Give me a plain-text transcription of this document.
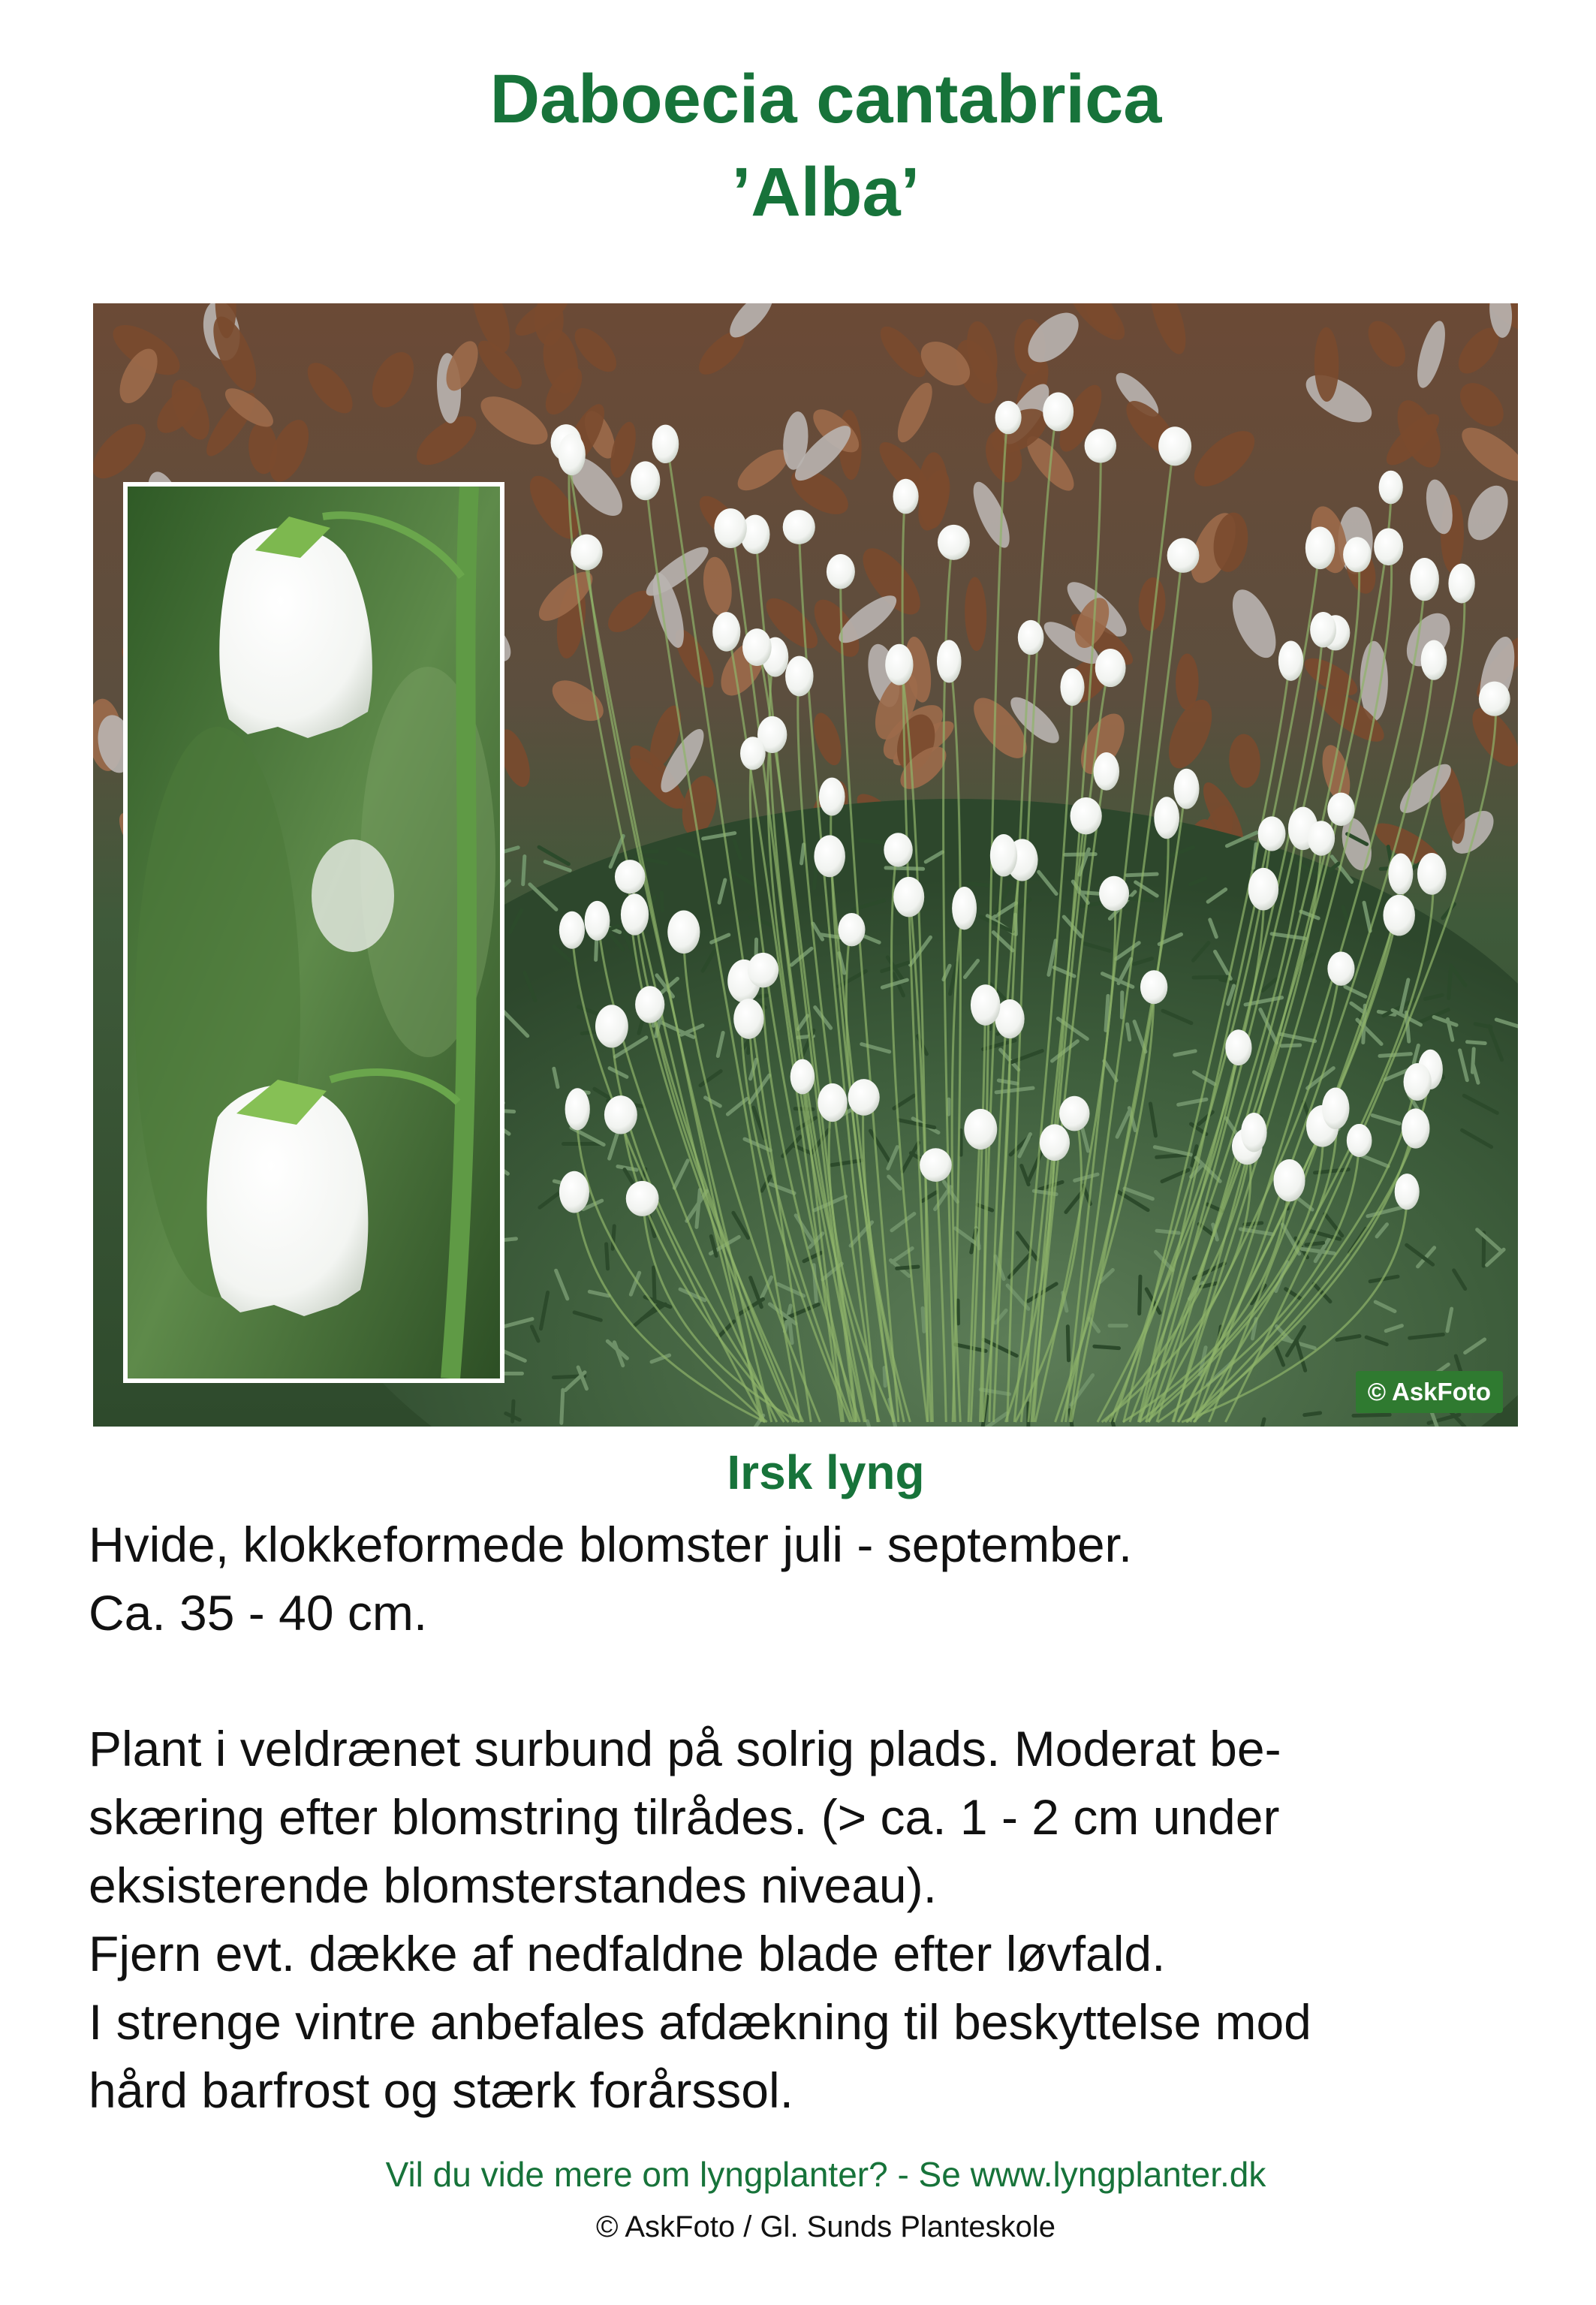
Daboecia cantabrica
’Alba’
© AskFoto
Irsk lyng

Hvide, klokkeformede blomster juli - september.

Ca. 35 - 40 cm.

Plant i veldrænet surbund på solrig plads. Moderat be-

skæring efter blomstring tilrådes. (> ca. 1 - 2 cm under

eksisterende blomsterstandes niveau).

Fjern evt. dække af nedfaldne blade efter løvfald.

I strenge vintre anbefales afdækning til beskyttelse mod

hård barfrost og stærk forårssol.

Vil du vide mere om lyngplanter? - Se www.lyngplanter.dk
© AskFoto / Gl. Sunds Planteskole
